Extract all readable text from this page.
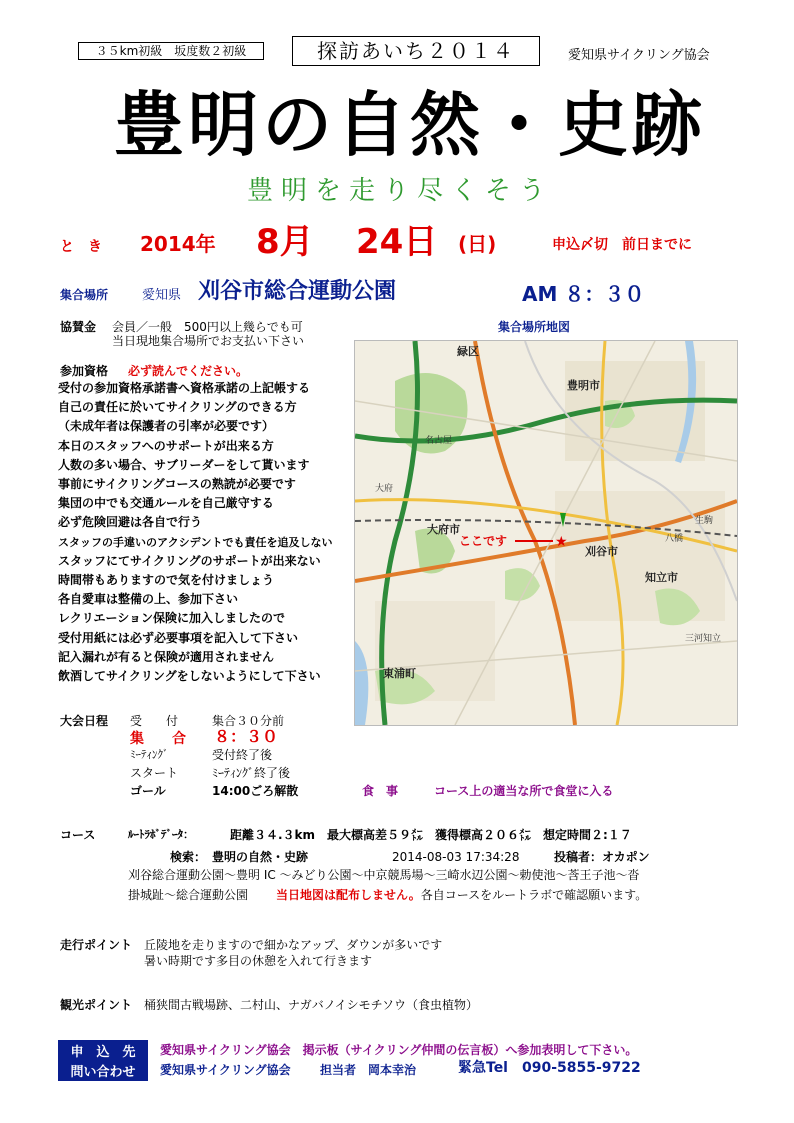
３５km初級　坂度数２初級	探訪あいち２０１４	愛知県サイクリング協会
豊明の自然・史跡
豊明を走り尽くそう
と　き 2014年 8月 24日 (日)	申込〆切　前日までに
集合場所	愛知県 刈谷市総合運動公園	AM ８：３０
協賛金 会員／一般　500円以上幾らでも可
当日現地集合場所でお支払い下さい
集合場所地図
★
緑区
豊明市
大府市
刈谷市
知立市
東浦町
名古屋
大府
八橋
生駒
三河知立
ここです
参加資格 必ず読んでください。
受付の参加資格承諾書へ資格承諾の上記帳する
自己の責任に於いてサイクリングのできる方
（未成年者は保護者の引率が必要です）
本日のスタッフへのサポートが出来る方
人数の多い場合、サブリーダーをして貰います
事前にサイクリングコースの熟読が必要です
集団の中でも交通ルールを自己厳守する
必ず危険回避は各自で行う
スタッフの手違いのアクシデントでも責任を追及しない
スタッフにてサイクリングのサポートが出来ない
時間帯もありますので気を付けましょう
各自愛車は整備の上、参加下さい
レクリエーション保険に加入しましたので
受付用紙には必ず必要事項を記入して下さい
記入漏れが有ると保険が適用されません
飲酒してサイクリングをしないようにして下さい
大会日程 受　　付	集合３０分前
集　　合 ８：３０
ﾐｰﾃｨﾝｸﾞ	受付終了後
スタート	ﾐｰﾃｨﾝｸﾞ終了後
ゴール	14:00ごろ解散	食　事	コース上の適当な所で食堂に入る
コース	ﾙｰﾄﾗﾎﾞﾃﾞｰﾀ：	距離３４.３km　最大標高差５９㍍　獲得標高２０６㍍　想定時間２:１７
検索：　豊明の自然・史跡	2014-08-03 17:34:28	投稿者：オカポン
刈谷総合運動公園～豊明 IC ～みどり公園～中京競馬場～三崎水辺公園～勅使池～莟王子池～沓
掛城趾～総合運動公園 当日地図は配布しません。各自コースをルートラボで確認願います。
走行ポイント 丘陵地を走りますので細かなアップ、ダウンが多いです
暑い時期です多目の休憩を入れて行きます
観光ポイント 桶狭間古戦場跡、二村山、ナガバノイシモチソウ（食虫植物）
申　込　先	愛知県サイクリング協会　掲示板（サイクリング仲間の伝言板）へ参加表明して下さい。
問い合わせ	愛知県サイクリング協会 担当者　岡本幸治	緊急Tel　090-5855-9722
